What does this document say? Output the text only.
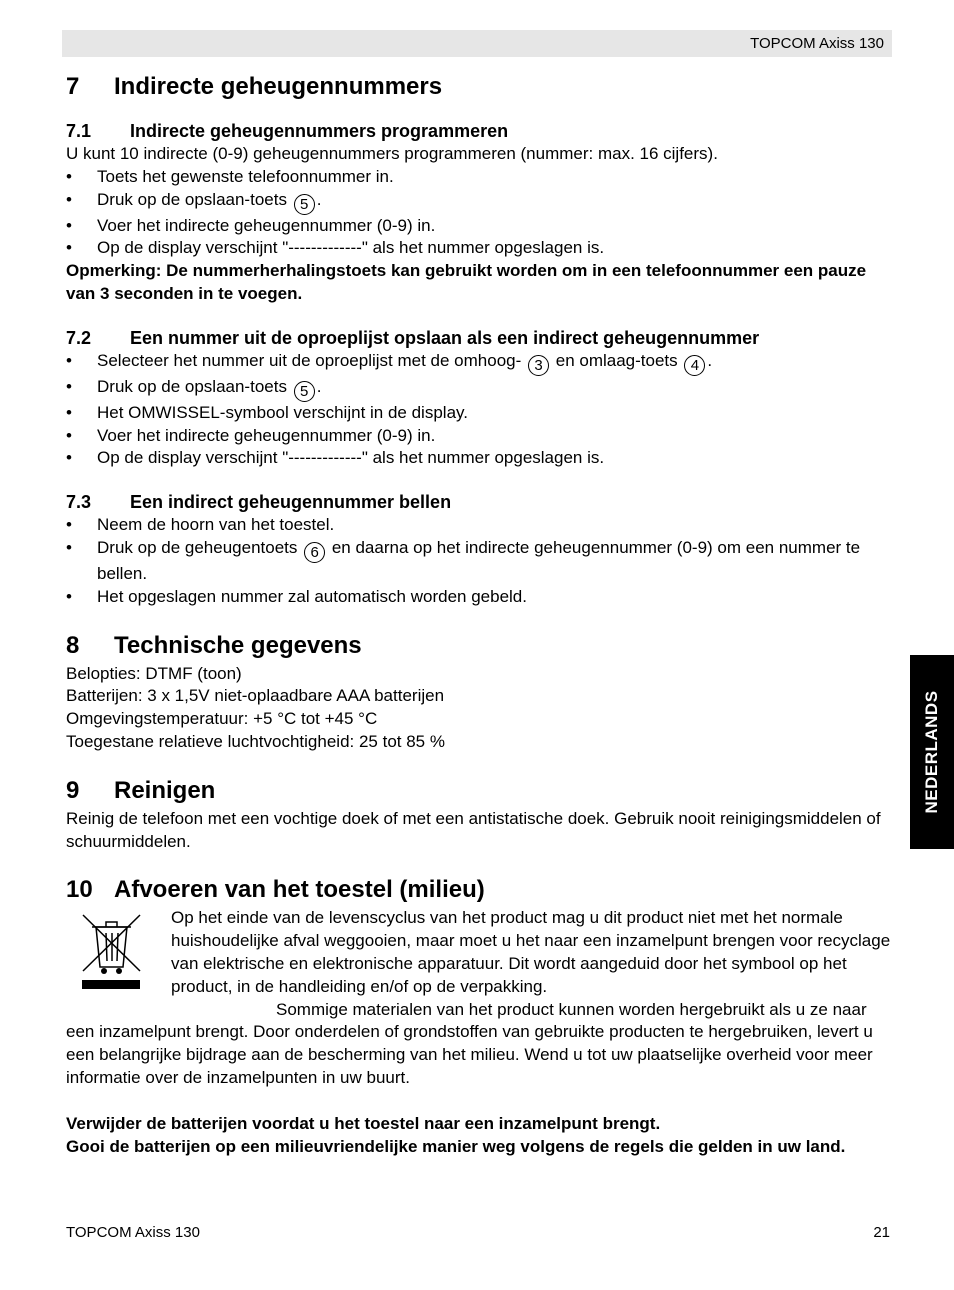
TOPCOM Axiss 130
7	Indirecte geheugennummers
7.1	Indirecte geheugennummers programmeren

U kunt 10 indirecte (0-9) geheugennummers programmeren (nummer: max. 16 cijfers).

• Toets het gewenste telefoonnummer in.
• Druk op de opslaan-toets 5 .
• Voer het indirecte geheugennummer (0-9) in.
• Op de display verschijnt "-------------" als het nummer opgeslagen is.

Opmerking: De nummerherhalingstoets kan gebruikt worden om in een telefoonnummer een pauze van 3 seconden in te voegen.

7.2	Een nummer uit de oproeplijst opslaan als een indirect geheugennummer
• Selecteer het nummer uit de oproeplijst met de omhoog- 3 en omlaag-toets 4 .
• Druk op de opslaan-toets 5 .
• Het OMWISSEL-symbool verschijnt in de display.
• Voer het indirecte geheugennummer (0-9) in.
• Op de display verschijnt "-------------" als het nummer opgeslagen is.
7.3	Een indirect geheugennummer bellen
• Neem de hoorn van het toestel.
• Druk op de geheugentoets 6 en daarna op het indirecte geheugennummer (0-9) om een nummer te bellen.
• Het opgeslagen nummer zal automatisch worden gebeld.
8	Technische gegevens

Belopties: DTMF (toon)

Batterijen: 3 x 1,5V niet-oplaadbare AAA batterijen

Omgevingstemperatuur: +5 °C tot +45 °C

Toegestane relatieve luchtvochtigheid: 25 tot 85 %

9	Reinigen

Reinig de telefoon met een vochtige doek of met een antistatische doek. Gebruik nooit reinigingsmiddelen of schuurmiddelen.

10 Afvoeren van het toestel (milieu)

Op het einde van de levenscyclus van het product mag u dit product niet met het normale huishoudelijke afval weggooien, maar moet u het naar een inzamelpunt brengen voor recyclage van elektrische en elektronische apparatuur. Dit wordt aangeduid door het symbool op het product, in de handleiding en/of op de verpakking.

Sommige materialen van het product kunnen worden hergebruikt als u ze naar een inzamelpunt brengt. Door onderdelen of grondstoffen van gebruikte producten te hergebruiken, levert u een belangrijke bijdrage aan de bescherming van het milieu. Wend u tot uw plaatselijke overheid voor meer informatie over de inzamelpunten in uw buurt.

Verwijder de batterijen voordat u het toestel naar een inzamelpunt brengt.

Gooi de batterijen op een milieuvriendelijke manier weg volgens de regels die gelden in uw land.

NEDERLANDS
TOPCOM Axiss 130	21
